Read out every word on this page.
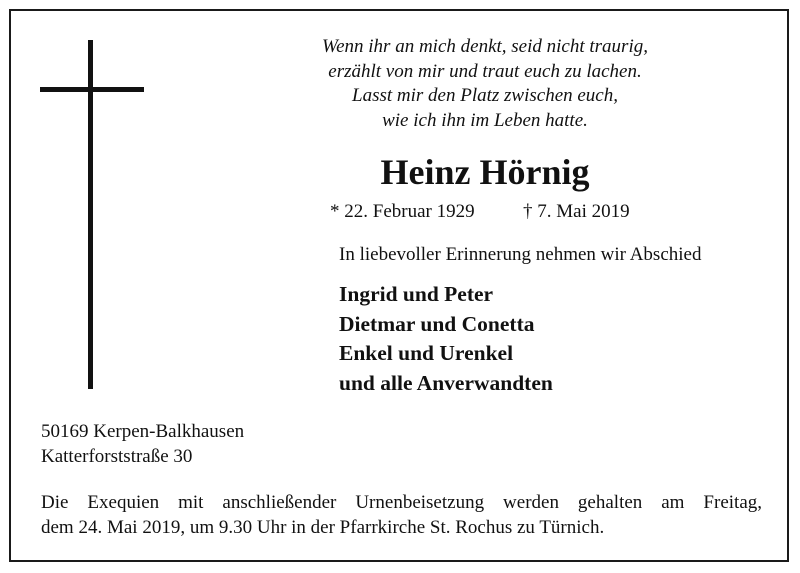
Wenn ihr an mich denkt, seid nicht traurig,
erzählt von mir und traut euch zu lachen.
Lasst mir den Platz zwischen euch,
wie ich ihn im Leben hatte.
Heinz Hörnig
* 22. Februar 1929	† 7. Mai 2019
In liebevoller Erinnerung nehmen wir Abschied
Ingrid und Peter
Dietmar und Conetta
Enkel und Urenkel
und alle Anverwandten
50169 Kerpen-Balkhausen
Katterforststraße 30
Die Exequien mit anschließender Urnenbeisetzung werden gehalten am Freitag,
dem 24. Mai 2019, um 9.30 Uhr in der Pfarrkirche St. Rochus zu Türnich.
